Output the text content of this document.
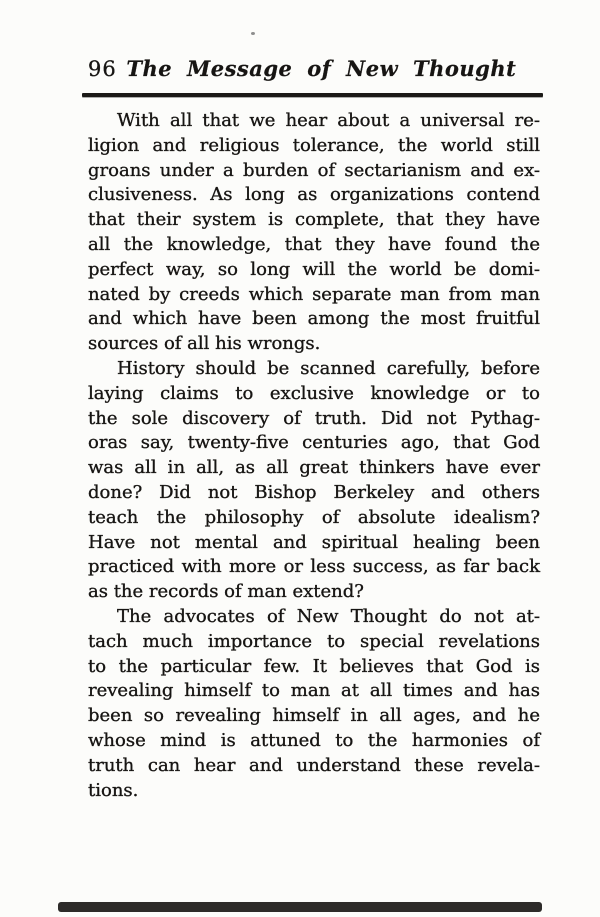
96 The Message of New Thought
With all that we hear about a universal re-
ligion and religious tolerance, the world still
groans under a burden of sectarianism and ex-
clusiveness. As long as organizations contend
that their system is complete, that they have
all the knowledge, that they have found the
perfect way, so long will the world be domi-
nated by creeds which separate man from man
and which have been among the most fruitful
sources of all his wrongs.
History should be scanned carefully, before
laying claims to exclusive knowledge or to
the sole discovery of truth. Did not Pythag-
oras say, twenty-five centuries ago, that God
was all in all, as all great thinkers have ever
done? Did not Bishop Berkeley and others
teach the philosophy of absolute idealism?
Have not mental and spiritual healing been
practiced with more or less success, as far back
as the records of man extend?
The advocates of New Thought do not at-
tach much importance to special revelations
to the particular few. It believes that God is
revealing himself to man at all times and has
been so revealing himself in all ages, and he
whose mind is attuned to the harmonies of
truth can hear and understand these revela-
tions.
